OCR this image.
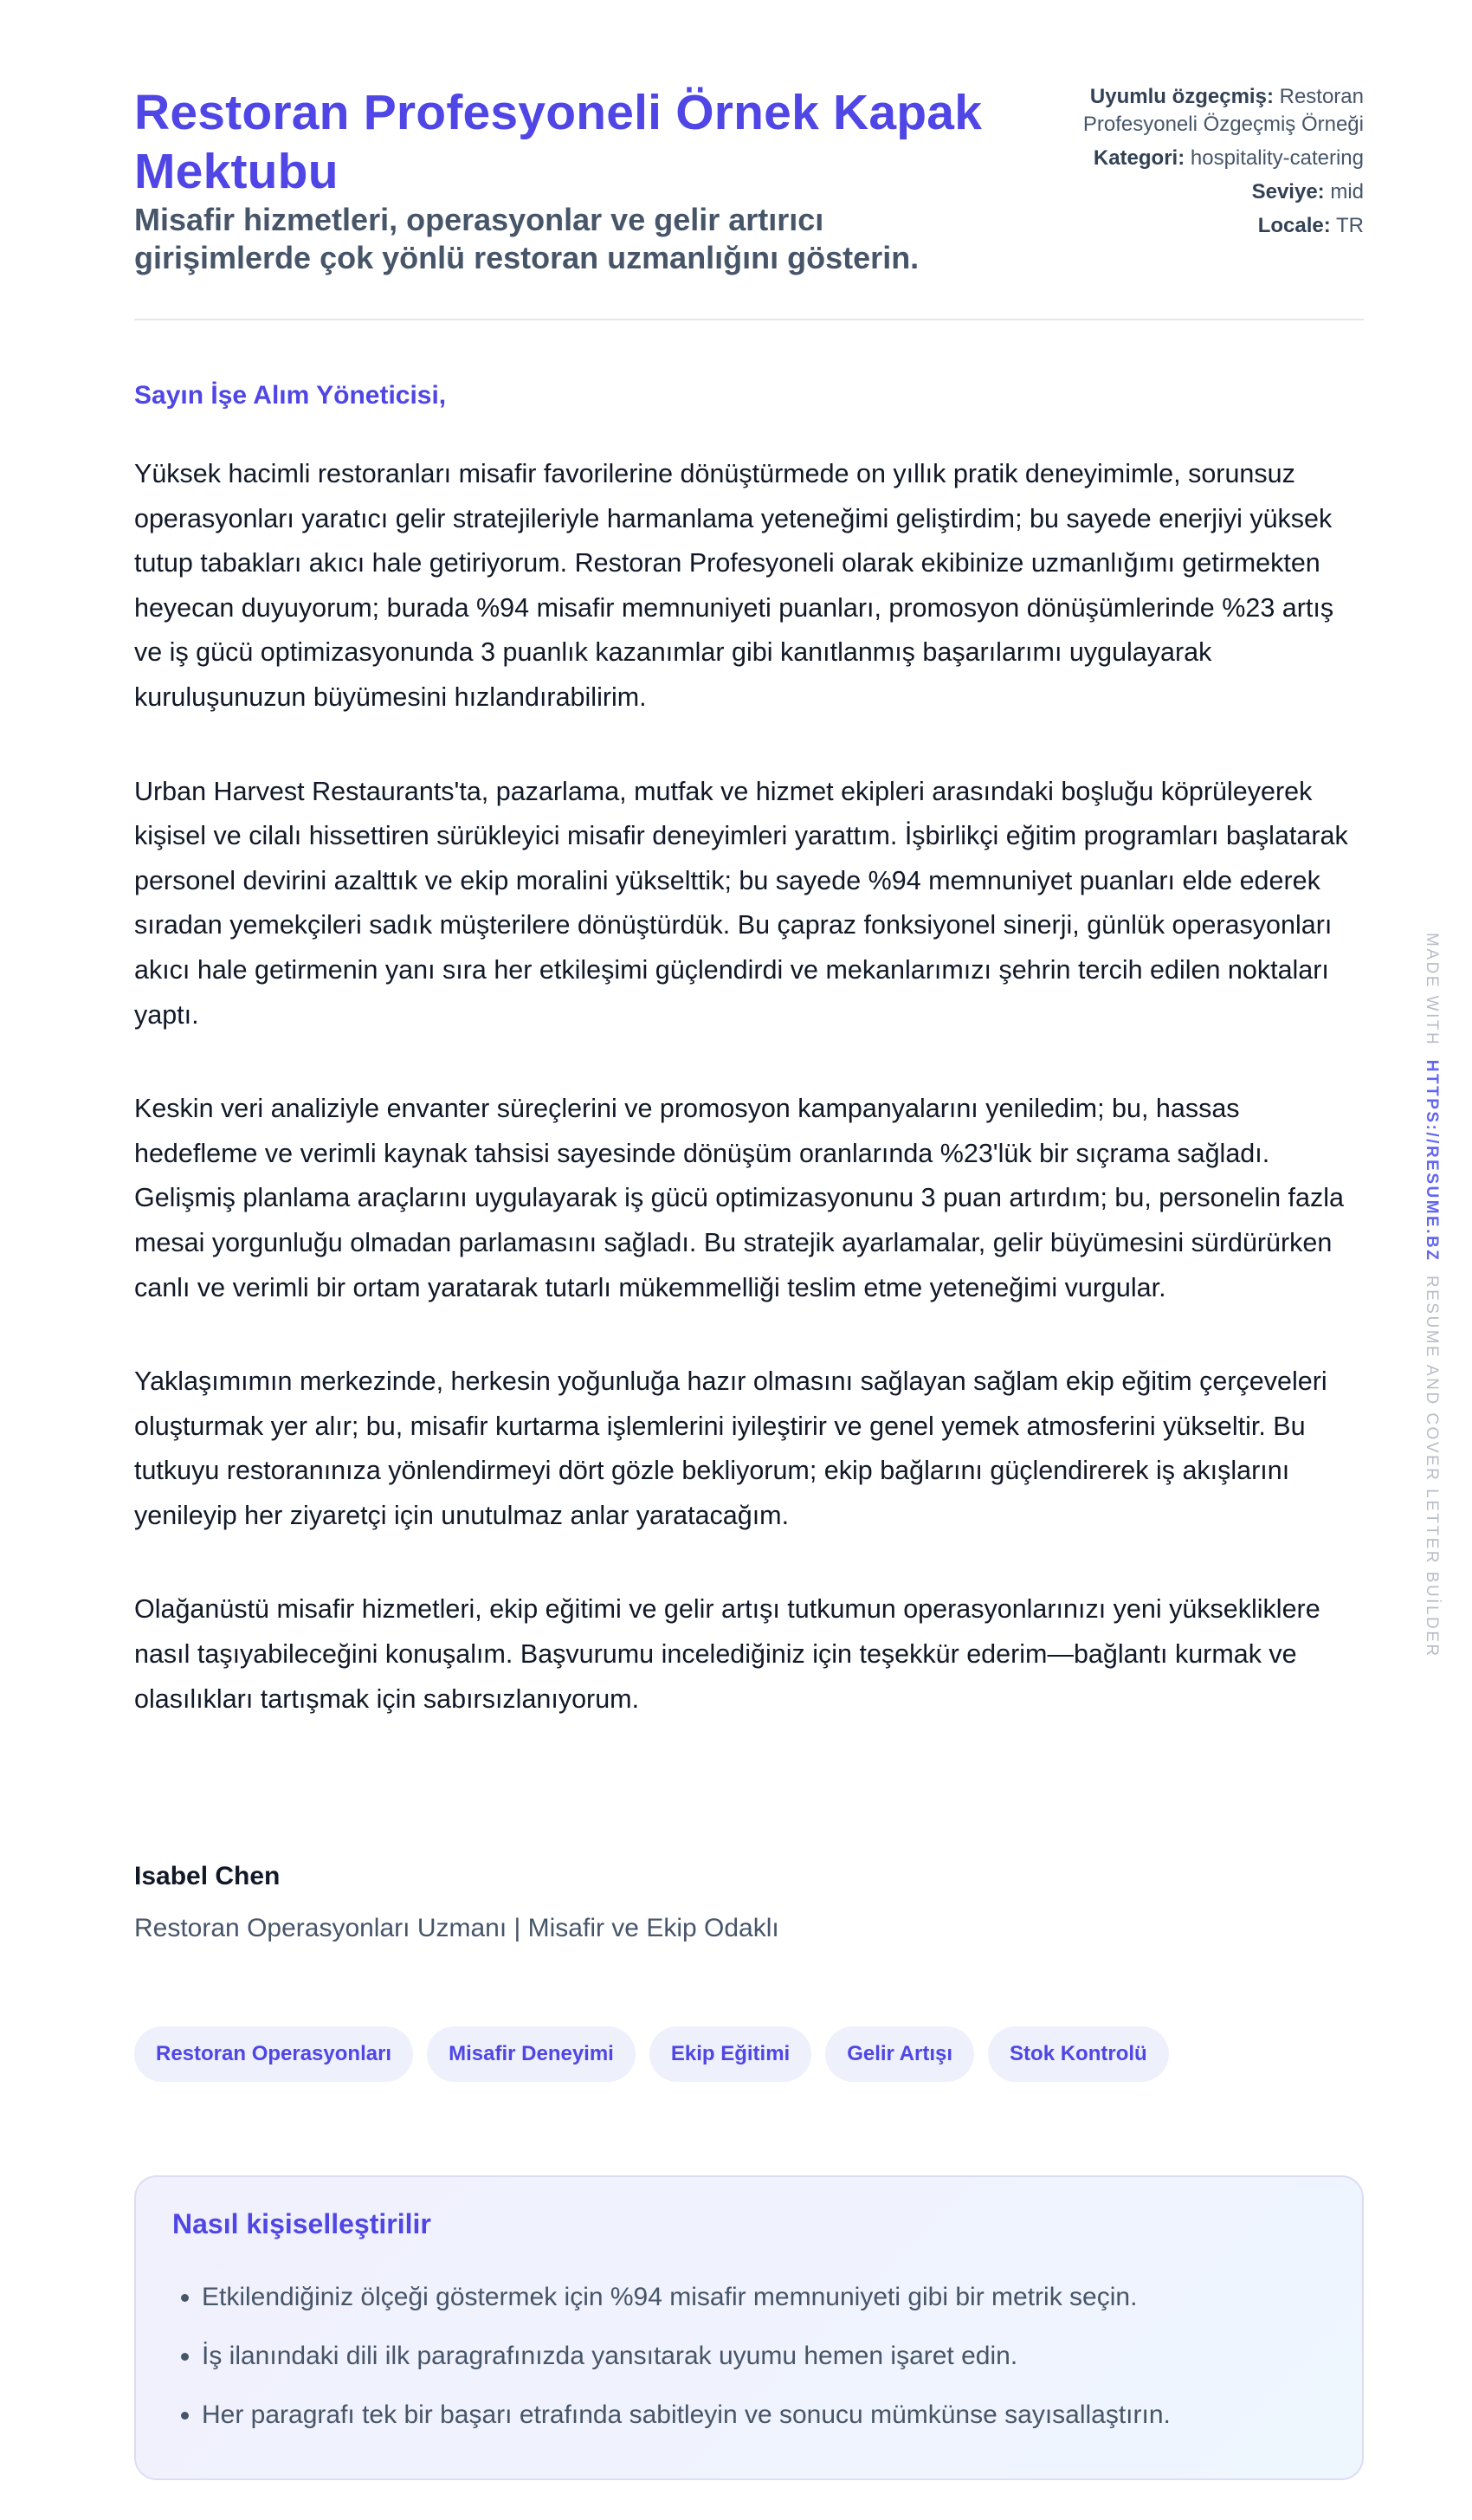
Restoran Profesyoneli Örnek Kapak Mektubu
Misafir hizmetleri, operasyonlar ve gelir artırıcı girişimlerde çok yönlü restoran uzmanlığını gösterin.
Uyumlu özgeçmiş: Restoran Profesyoneli Özgeçmiş Örneği
Kategori: hospitality-catering
Seviye: mid
Locale: TR
Sayın İşe Alım Yöneticisi,

Yüksek hacimli restoranları misafir favorilerine dönüştürmede on yıllık pratik deneyimimle, sorunsuz operasyonları yaratıcı gelir stratejileriyle harmanlama yeteneğimi geliştirdim; bu sayede enerjiyi yüksek tutup tabakları akıcı hale getiriyorum. Restoran Profesyoneli olarak ekibinize uzmanlığımı getirmekten heyecan duyuyorum; burada %94 misafir memnuniyeti puanları, promosyon dönüşümlerinde %23 artış ve iş gücü optimizasyonunda 3 puanlık kazanımlar gibi kanıtlanmış başarılarımı uygulayarak kuruluşunuzun büyümesini hızlandırabilirim.

Urban Harvest Restaurants'ta, pazarlama, mutfak ve hizmet ekipleri arasındaki boşluğu köprüleyerek kişisel ve cilalı hissettiren sürükleyici misafir deneyimleri yarattım. İşbirlikçi eğitim programları başlatarak personel devirini azalttık ve ekip moralini yükselttik; bu sayede %94 memnuniyet puanları elde ederek sıradan yemekçileri sadık müşterilere dönüştürdük. Bu çapraz fonksiyonel sinerji, günlük operasyonları akıcı hale getirmenin yanı sıra her etkileşimi güçlendirdi ve mekanlarımızı şehrin tercih edilen noktaları yaptı.

Keskin veri analiziyle envanter süreçlerini ve promosyon kampanyalarını yeniledim; bu, hassas hedefleme ve verimli kaynak tahsisi sayesinde dönüşüm oranlarında %23'lük bir sıçrama sağladı. Gelişmiş planlama araçlarını uygulayarak iş gücü optimizasyonunu 3 puan artırdım; bu, personelin fazla mesai yorgunluğu olmadan parlamasını sağladı. Bu stratejik ayarlamalar, gelir büyümesini sürdürürken canlı ve verimli bir ortam yaratarak tutarlı mükemmelliği teslim etme yeteneğimi vurgular.

Yaklaşımımın merkezinde, herkesin yoğunluğa hazır olmasını sağlayan sağlam ekip eğitim çerçeveleri oluşturmak yer alır; bu, misafir kurtarma işlemlerini iyileştirir ve genel yemek atmosferini yükseltir. Bu tutkuyu restoranınıza yönlendirmeyi dört gözle bekliyorum; ekip bağlarını güçlendirerek iş akışlarını yenileyip her ziyaretçi için unutulmaz anlar yaratacağım.

Olağanüstü misafir hizmetleri, ekip eğitimi ve gelir artışı tutkumun operasyonlarınızı yeni yüksekliklere nasıl taşıyabileceğini konuşalım. Başvurumu incelediğiniz için teşekkür ederim—bağlantı kurmak ve olasılıkları tartışmak için sabırsızlanıyorum.

Isabel Chen
Restoran Operasyonları Uzmanı | Misafir ve Ekip Odaklı
Restoran Operasyonları	Misafir Deneyimi	Ekip Eğitimi	Gelir Artışı	Stok Kontrolü
Nasıl kişiselleştirilir
• Etkilendiğiniz ölçeği göstermek için %94 misafir memnuniyeti gibi bir metrik seçin.
• İş ilanındaki dili ilk paragrafınızda yansıtarak uyumu hemen işaret edin.
• Her paragrafı tek bir başarı etrafında sabitleyin ve sonucu mümkünse sayısallaştırın.
MADE WITH  HTTPS://RESUME.BZ  RESUME AND COVER LETTER BUİLDER
